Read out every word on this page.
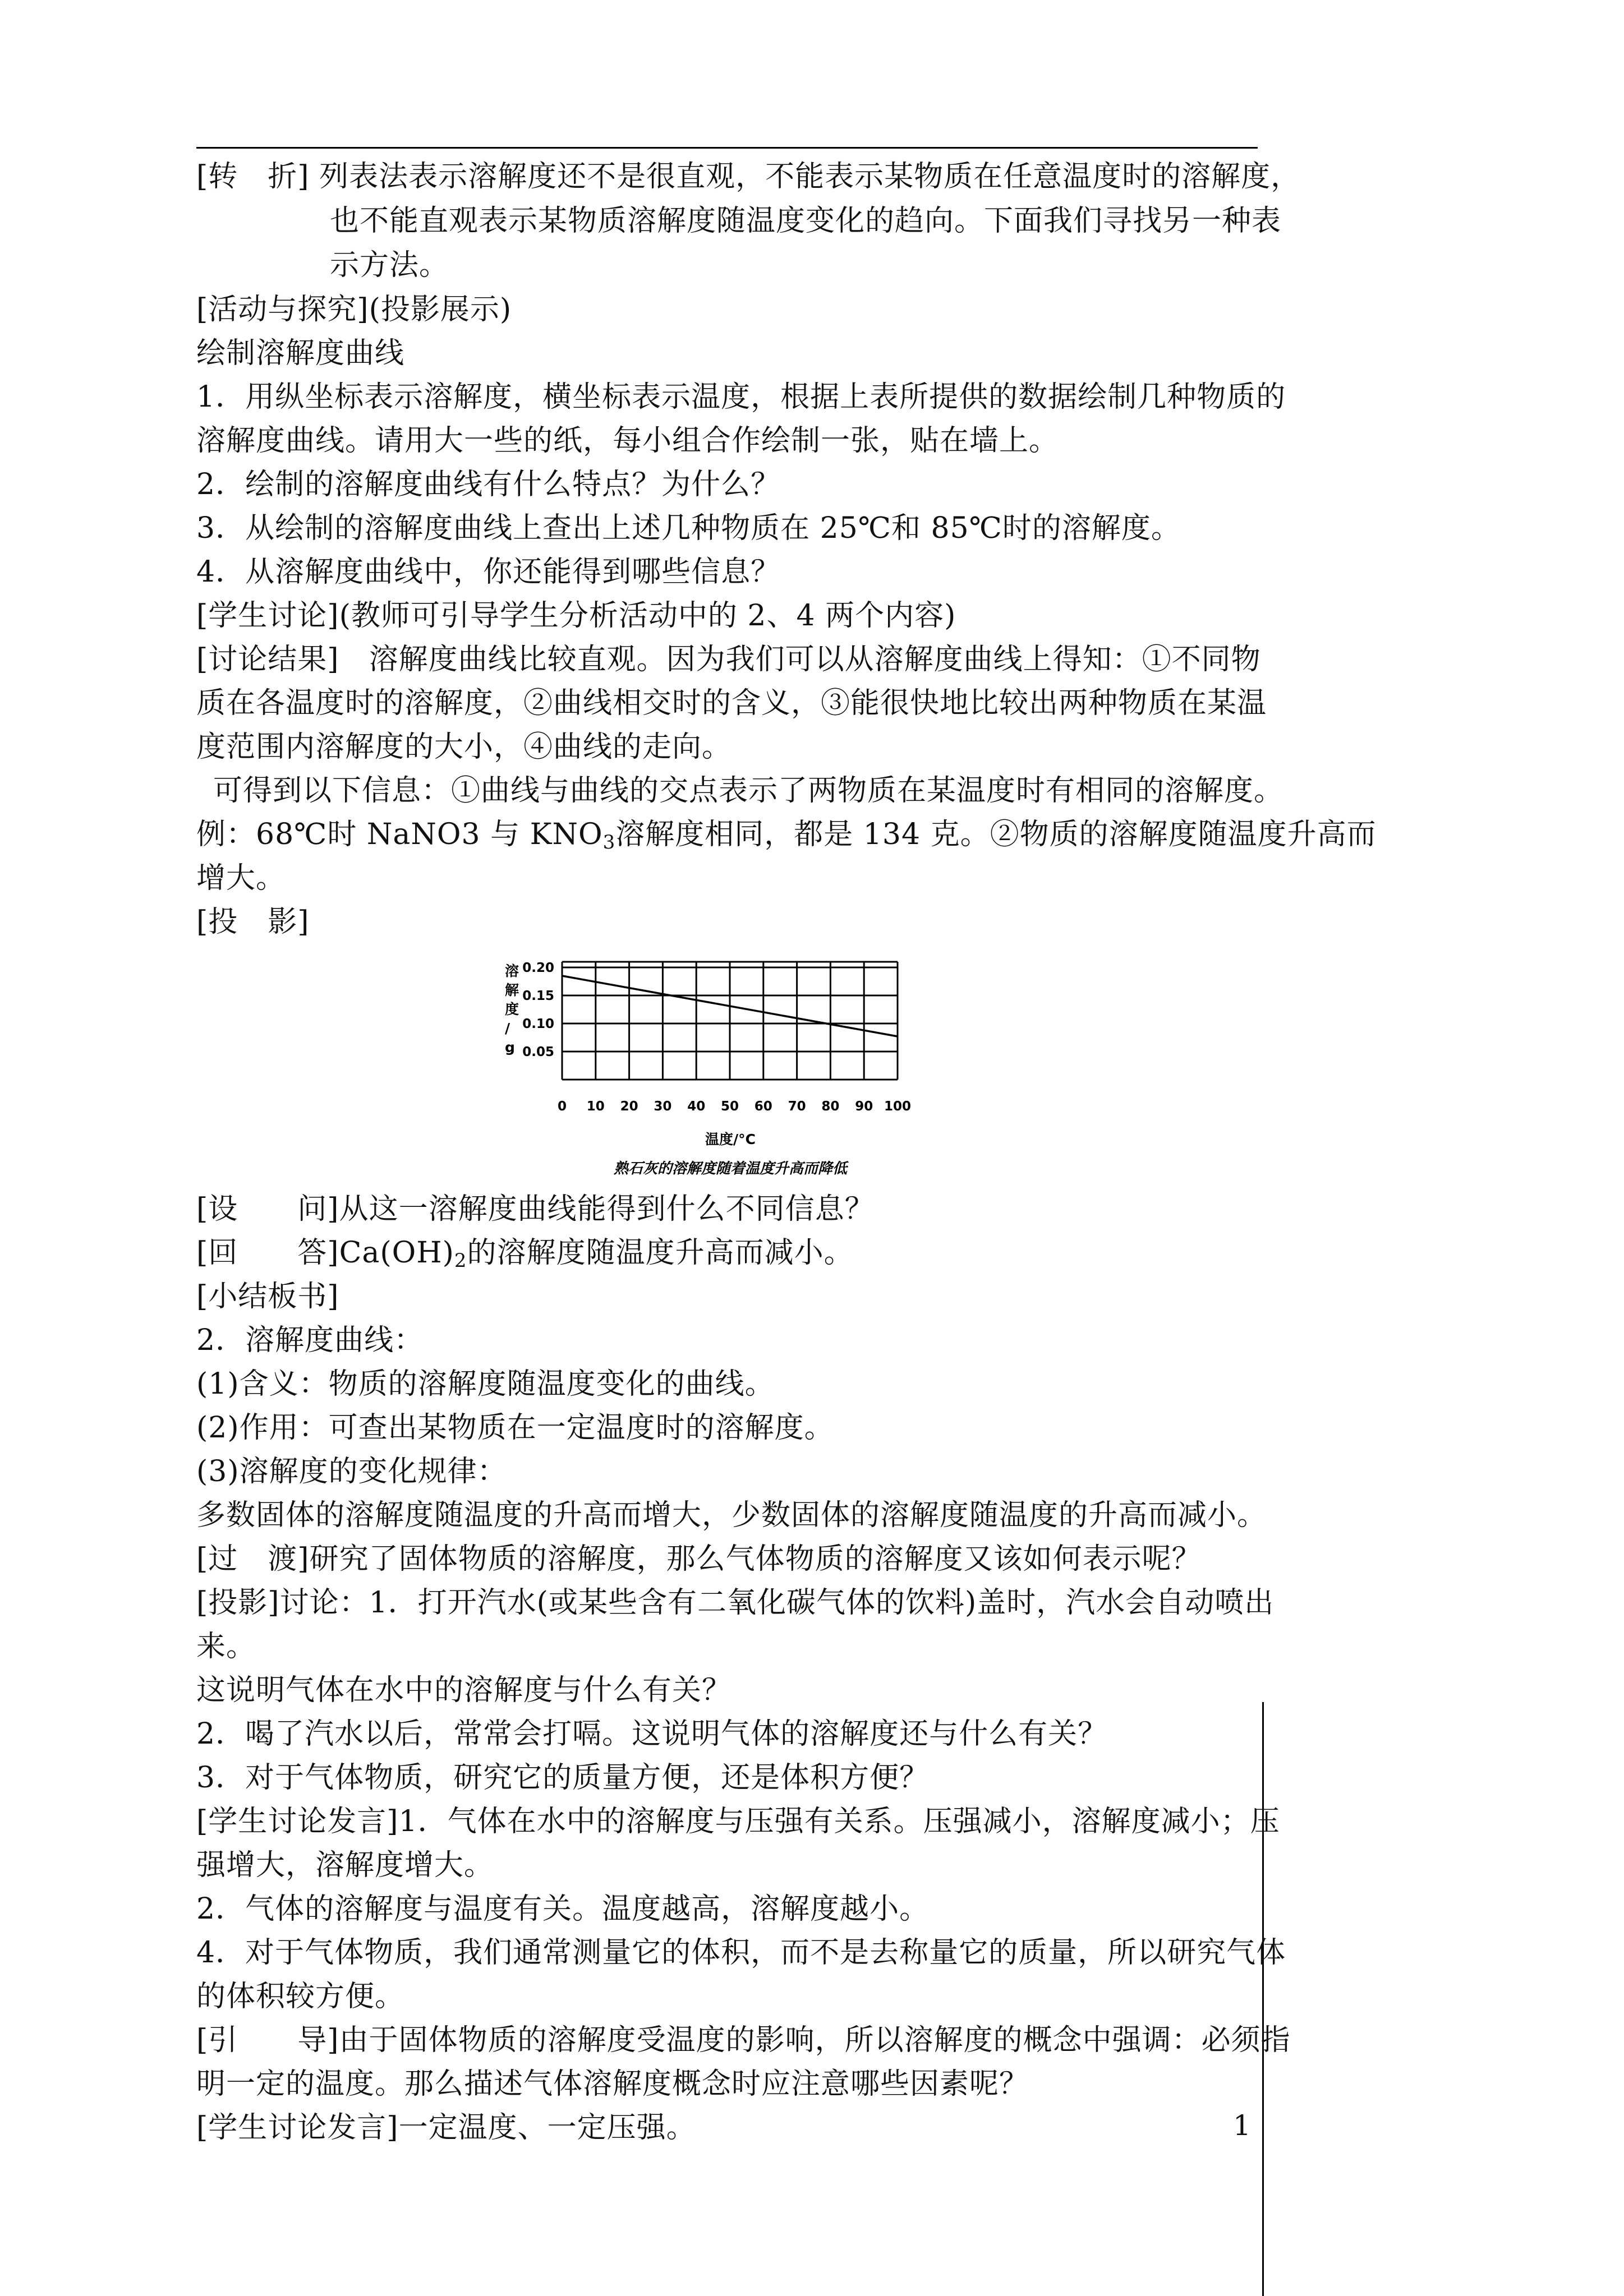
[转　折] 列表法表示溶解度还不是很直观，不能表示某物质在任意温度时的溶解度，
也不能直观表示某物质溶解度随温度变化的趋向。下面我们寻找另一种表
示方法。
[活动与探究](投影展示)
绘制溶解度曲线
1．用纵坐标表示溶解度，横坐标表示温度，根据上表所提供的数据绘制几种物质的
溶解度曲线。请用大一些的纸，每小组合作绘制一张，贴在墙上。
2．绘制的溶解度曲线有什么特点？为什么？
3．从绘制的溶解度曲线上查出上述几种物质在 25℃和 85℃时的溶解度。
4．从溶解度曲线中，你还能得到哪些信息？
[学生讨论](教师可引导学生分析活动中的 2、4 两个内容)
[讨论结果]　溶解度曲线比较直观。因为我们可以从溶解度曲线上得知：①不同物
质在各温度时的溶解度，②曲线相交时的含义，③能很快地比较出两种物质在某温
度范围内溶解度的大小，④曲线的走向。
可得到以下信息：①曲线与曲线的交点表示了两物质在某温度时有相同的溶解度。
例：68℃时 NaNO3 与 $KNO_3$溶解度相同，都是 134 克。②物质的溶解度随温度升高而
增大。
[投　影]
0.20
0.15
0.10
0.05
0 10 20 30 40 50 60 70 80 90 100
溶解度/ g
温度/°C
熟石灰的溶解度随着温度升高而降低
[设　　问]从这一溶解度曲线能得到什么不同信息？
[回　　答]$Ca(OH)_2$的溶解度随温度升高而减小。
[小结板书]
2．溶解度曲线：
(1)含义：物质的溶解度随温度变化的曲线。
(2)作用：可查出某物质在一定温度时的溶解度。
(3)溶解度的变化规律：
多数固体的溶解度随温度的升高而增大，少数固体的溶解度随温度的升高而减小。
[过　渡]研究了固体物质的溶解度，那么气体物质的溶解度又该如何表示呢？
[投影]讨论：1．打开汽水(或某些含有二氧化碳气体的饮料)盖时，汽水会自动喷出
来。
这说明气体在水中的溶解度与什么有关？
2．喝了汽水以后，常常会打嗝。这说明气体的溶解度还与什么有关？
3．对于气体物质，研究它的质量方便，还是体积方便？
[学生讨论发言]1．气体在水中的溶解度与压强有关系。压强减小，溶解度减小；压
强增大，溶解度增大。
2．气体的溶解度与温度有关。温度越高，溶解度越小。
4．对于气体物质，我们通常测量它的体积，而不是去称量它的质量，所以研究气体
的体积较方便。
[引　　导]由于固体物质的溶解度受温度的影响，所以溶解度的概念中强调：必须指
明一定的温度。那么描述气体溶解度概念时应注意哪些因素呢？
[学生讨论发言]一定温度、一定压强。	1
